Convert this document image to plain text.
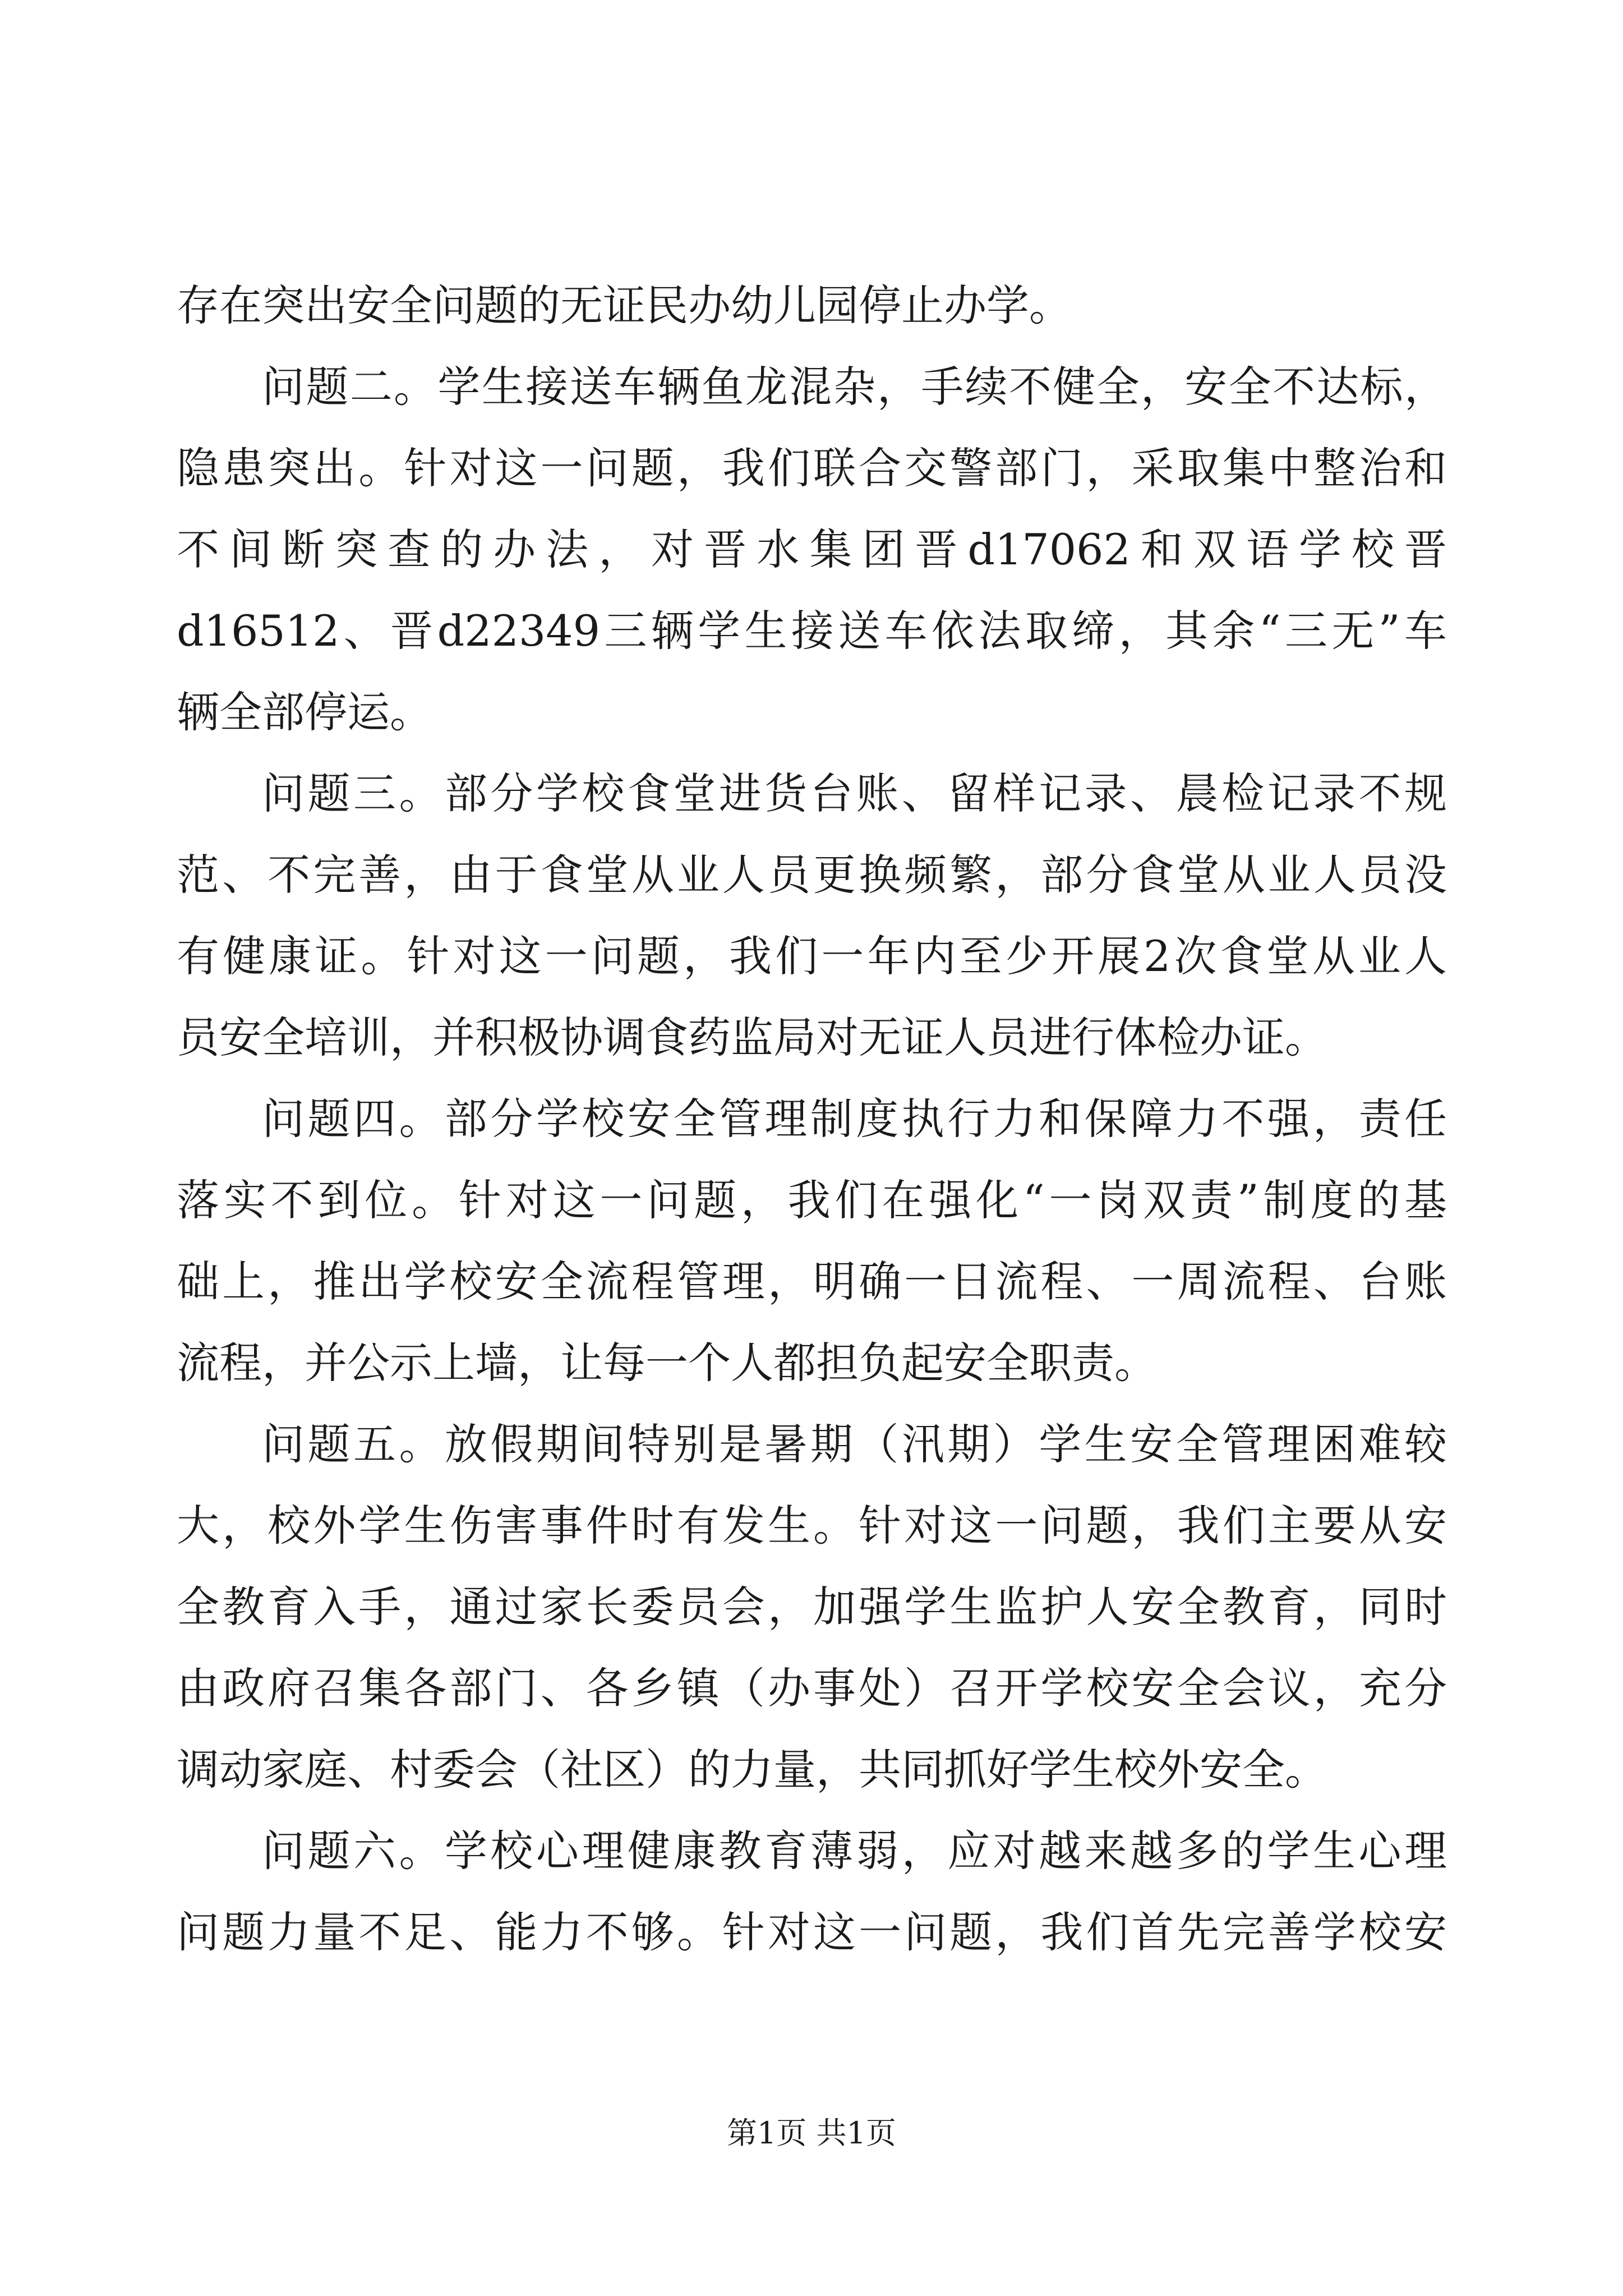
存在突出安全问题的无证民办幼儿园停止办学。
问题二。学生接送车辆鱼龙混杂，手续不健全，安全不达标，
隐患突出。针对这一问题，我们联合交警部门，采取集中整治和
不间断突查的办法，对晋水集团晋d17062和双语学校晋
d16512、晋d22349三辆学生接送车依法取缔，其余“三无”车
辆全部停运。
问题三。部分学校食堂进货台账、留样记录、晨检记录不规
范、不完善，由于食堂从业人员更换频繁，部分食堂从业人员没
有健康证。针对这一问题，我们一年内至少开展2次食堂从业人
员安全培训，并积极协调食药监局对无证人员进行体检办证。
问题四。部分学校安全管理制度执行力和保障力不强，责任
落实不到位。针对这一问题，我们在强化“一岗双责”制度的基
础上，推出学校安全流程管理，明确一日流程、一周流程、台账
流程，并公示上墙，让每一个人都担负起安全职责。
问题五。放假期间特别是暑期（汛期）学生安全管理困难较
大，校外学生伤害事件时有发生。针对这一问题，我们主要从安
全教育入手，通过家长委员会，加强学生监护人安全教育，同时
由政府召集各部门、各乡镇（办事处）召开学校安全会议，充分
调动家庭、村委会（社区）的力量，共同抓好学生校外安全。
问题六。学校心理健康教育薄弱，应对越来越多的学生心理
问题力量不足、能力不够。针对这一问题，我们首先完善学校安
第1页 共1页
